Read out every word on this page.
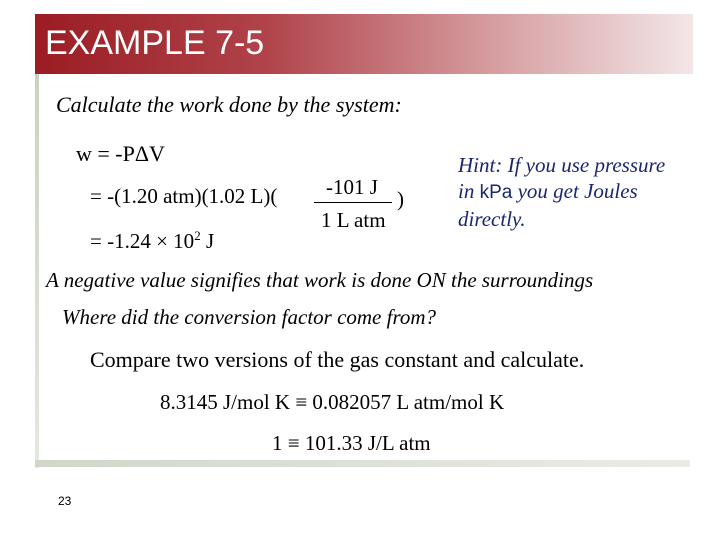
EXAMPLE 7-5
Calculate the work done by the system:
w = -PΔV
= -(1.20 atm)(1.02 L)( -101 J
1 L atm
)
= $-1.24 \times 10^2$ J
Hint: If you use pressure in kPa you get Joules directly.
A negative value signifies that work is done ON the surroundings
Where did the conversion factor come from?
Compare two versions of the gas constant and calculate.
8.3145 J/mol K ≡ 0.082057 L atm/mol K
1 ≡ 101.33 J/L atm
23
